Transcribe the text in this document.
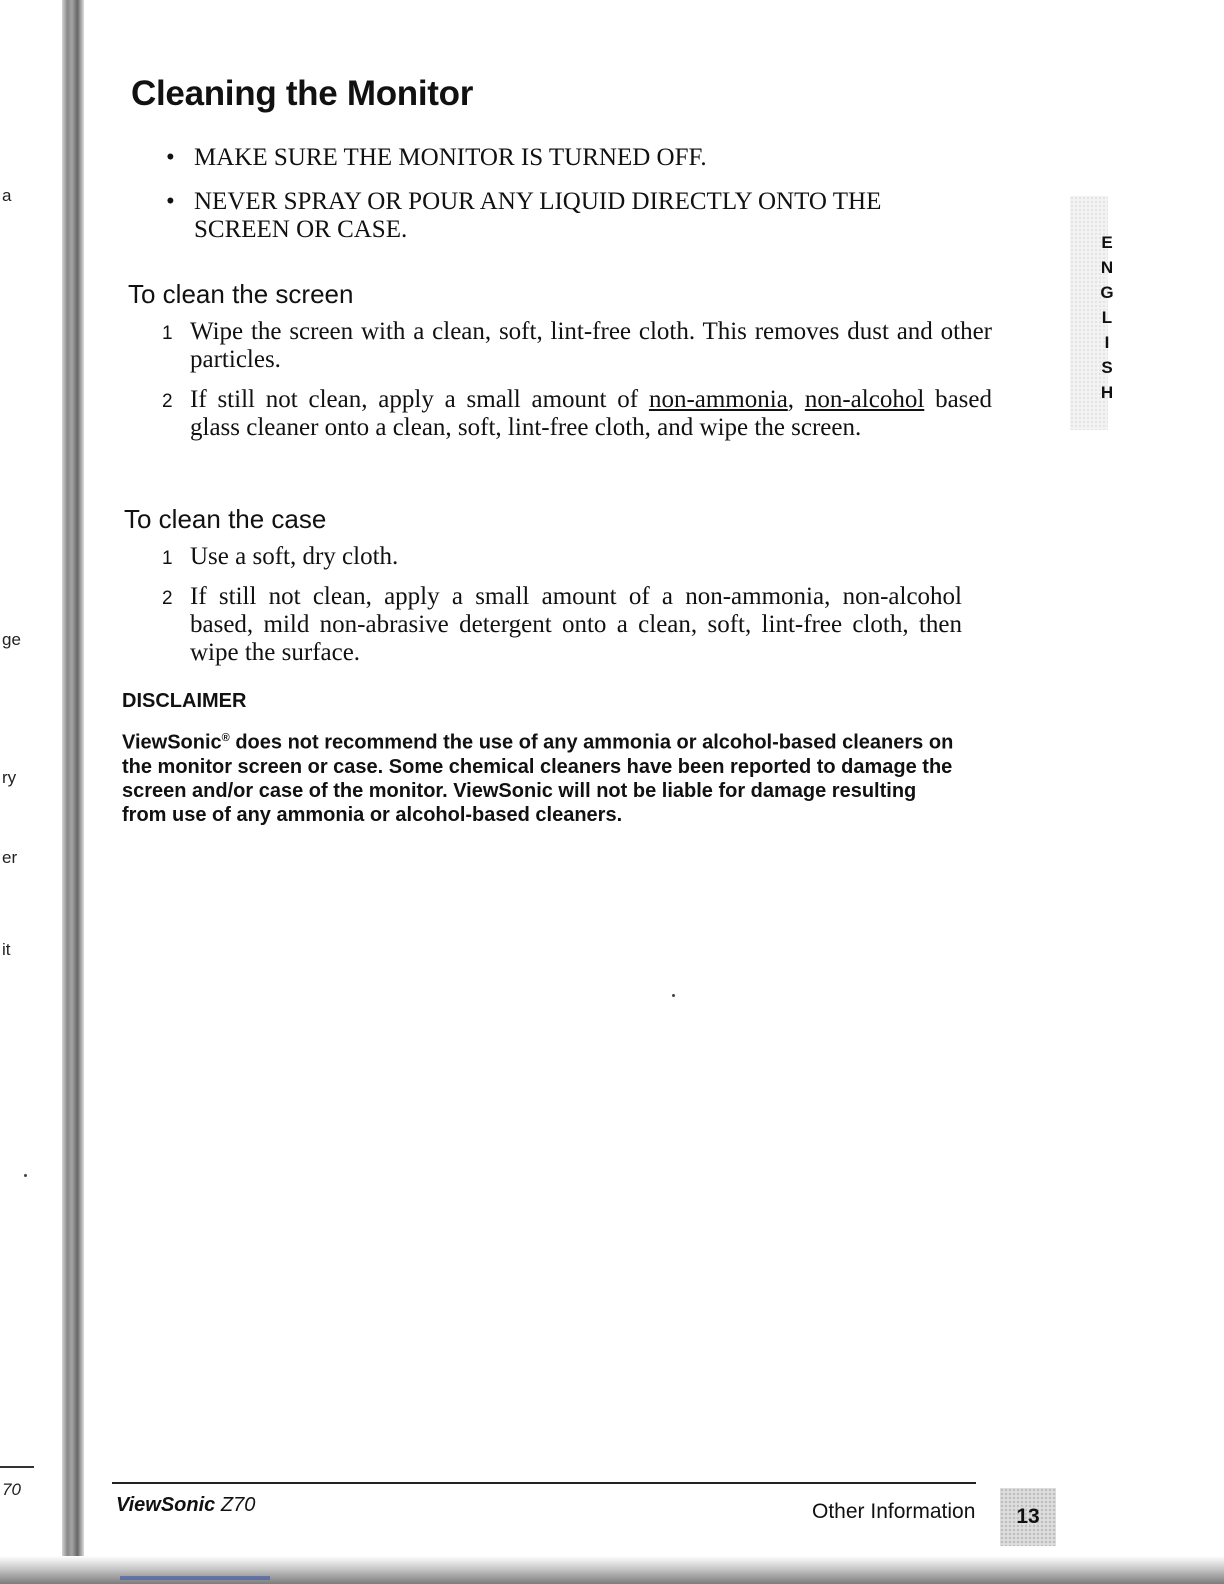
a
ge
ry
er
it
70
Cleaning the Monitor
• MAKE SURE THE MONITOR IS TURNED OFF.
• NEVER SPRAY OR POUR ANY LIQUID DIRECTLY ONTO THE SCREEN OR CASE.
To clean the screen
1 Wipe the screen with a clean, soft, lint-free cloth. This removes dust and other particles.
2 If still not clean, apply a small amount of non-ammonia, non-alcohol based glass cleaner onto a clean, soft, lint-free cloth, and wipe the screen.
To clean the case
1 Use a soft, dry cloth.
2 If still not clean, apply a small amount of a non-ammonia, non-alcohol based, mild non-abrasive detergent onto a clean, soft, lint-free cloth, then wipe the surface.
DISCLAIMER

ViewSonic® does not recommend the use of any ammonia or alcohol-based cleaners on the monitor screen or case. Some chemical cleaners have been reported to damage the screen and/or case of the monitor. ViewSonic will not be liable for damage resulting from use of any ammonia or alcohol-based cleaners.

E
N
G
L
I
S
H
ViewSonic Z70	Other Information	13
